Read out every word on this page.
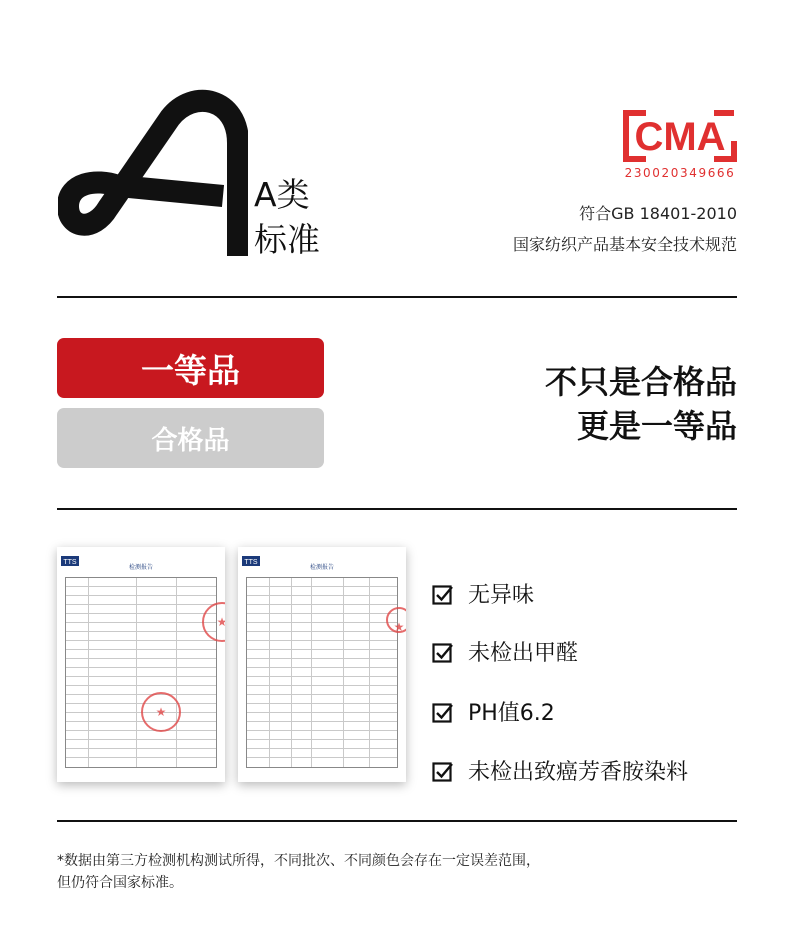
A类
标准
CMA
230020349666
符合GB 18401-2010
国家纺织产品基本安全技术规范
一等品
合格品
不只是合格品
更是一等品
TTS
检测报告
★
★
TTS
检测报告
★
无异味
未检出甲醛
PH值6.2
未检出致癌芳香胺染料
*数据由第三方检测机构测试所得，不同批次、不同颜色会存在一定误差范围，
但仍符合国家标准。
